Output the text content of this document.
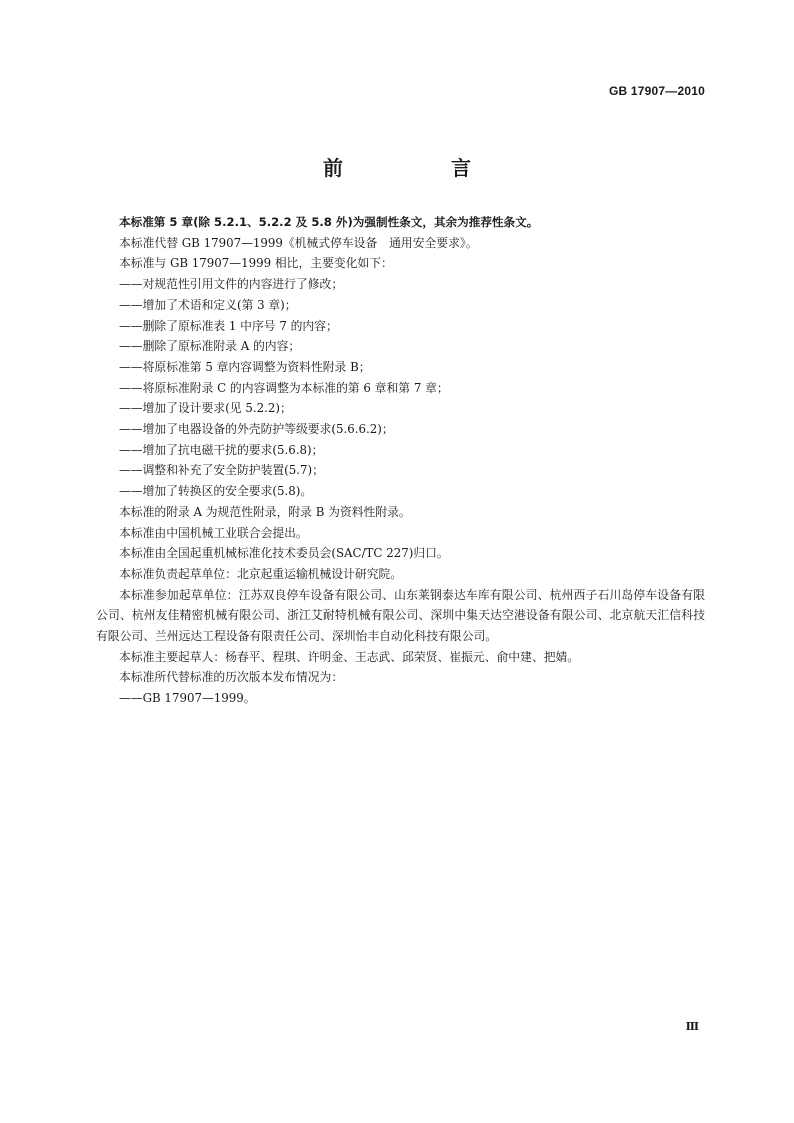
GB 17907—2010
前　言

本标准第 5 章(除 5.2.1、5.2.2 及 5.8 外)为强制性条文，其余为推荐性条文。

本标准代替 GB 17907—1999《机械式停车设备　通用安全要求》。

本标准与 GB 17907—1999 相比，主要变化如下：

——对规范性引用文件的内容进行了修改；

——增加了术语和定义(第 3 章)；

——删除了原标准表 1 中序号 7 的内容；

——删除了原标准附录 A 的内容；

——将原标准第 5 章内容调整为资料性附录 B；

——将原标准附录 C 的内容调整为本标准的第 6 章和第 7 章；

——增加了设计要求(见 5.2.2)；

——增加了电器设备的外壳防护等级要求(5.6.6.2)；

——增加了抗电磁干扰的要求(5.6.8)；

——调整和补充了安全防护装置(5.7)；

——增加了转换区的安全要求(5.8)。

本标准的附录 A 为规范性附录，附录 B 为资料性附录。

本标准由中国机械工业联合会提出。

本标准由全国起重机械标准化技术委员会(SAC/TC 227)归口。

本标准负责起草单位：北京起重运输机械设计研究院。

本标准参加起草单位：江苏双良停车设备有限公司、山东莱钢泰达车库有限公司、杭州西子石川岛停车设备有限公司、杭州友佳精密机械有限公司、浙江艾耐特机械有限公司、深圳中集天达空港设备有限公司、北京航天汇信科技有限公司、兰州远达工程设备有限责任公司、深圳怡丰自动化科技有限公司。

本标准主要起草人：杨春平、程琪、许明金、王志武、邱荣贤、崔振元、俞中建、把婧。

本标准所代替标准的历次版本发布情况为：

——GB 17907—1999。

Ⅲ
